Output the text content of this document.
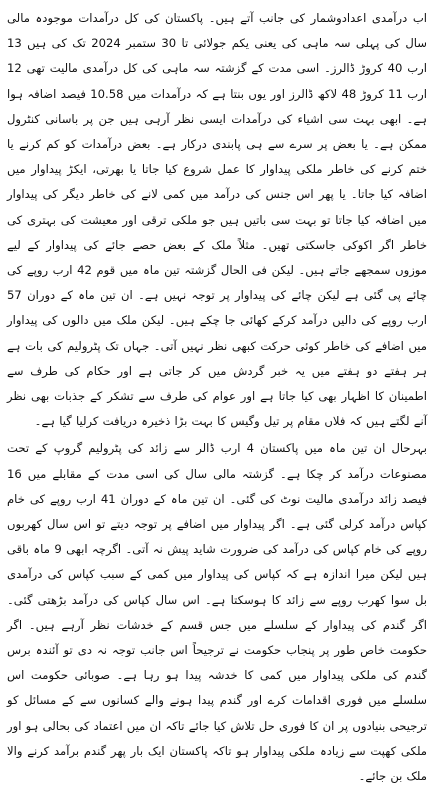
اب درآمدی اعدادوشمار کی جانب آتے ہیں۔ پاکستان کی کل درآمدات موجودہ مالی سال کی پہلی سہ ماہی کی یعنی یکم جولائی تا 30 ستمبر 2024 تک کی ہیں 13 ارب 40 کروڑ ڈالرز۔ اسی مدت کے گزشتہ سہ ماہی کی کل درآمدی مالیت تھی 12 ارب 11 کروڑ 48 لاکھ ڈالرز اور یوں بنتا ہے کہ درآمدات میں 10.58 فیصد اضافہ ہوا ہے۔ ابھی بہت سی اشیاء کی درآمدات ایسی نظر آرہی ہیں جن پر باسانی کنٹرول ممکن ہے۔ یا بعض پر سرے سے ہی پابندی درکار ہے۔ بعض درآمدات کو کم کرنے یا ختم کرنے کی خاطر ملکی پیداوار کا عمل شروع کیا جاتا یا بھرتی، ایکڑ پیداوار میں اضافہ کیا جاتا۔ یا پھر اس جنس کی درآمد میں کمی لانے کی خاطر دیگر کی پیداوار میں اضافہ کیا جاتا تو بہت سی باتیں ہیں جو ملکی ترقی اور معیشت کی بہتری کی خاطر اگر اکوکی جاسکتی تھیں۔ مثلاً ملک کے بعض حصے جائے کی پیداوار کے لیے موزوں سمجھے جاتے ہیں۔ لیکن فی الحال گزشتہ تین ماہ میں قوم 42 ارب روپے کی چائے پی گئی ہے لیکن چائے کی پیداوار پر توجہ نہیں ہے۔ ان تین ماہ کے دوران 57 ارب روپے کی دالیں درآمد کرکے کھائی جا چکے ہیں۔ لیکن ملک میں دالوں کی پیداوار میں اضافے کی خاطر کوئی حرکت کبھی نظر نہیں آتی۔ جہاں تک پٹرولیم کی بات ہے ہر ہفتے دو ہفتے میں یہ خبر گردش میں کر جاتی ہے اور حکام کی طرف سے اطمینان کا اظہار بھی کیا جاتا ہے اور عوام کی طرف سے تشکر کے جذبات بھی نظر آنے لگتے ہیں کہ فلاں مقام پر تیل وگیس کا بہت بڑا ذخیرہ دریافت کرلیا گیا ہے۔

بہرحال ان تین ماہ میں پاکستان 4 ارب ڈالر سے زائد کی پٹرولیم گروپ کے تحت مصنوعات درآمد کر چکا ہے۔ گزشتہ مالی سال کی اسی مدت کے مقابلے میں 16 فیصد زائد درآمدی مالیت نوٹ کی گئی۔ ان تین ماہ کے دوران 41 ارب روپے کی خام کپاس درآمد کرلی گئی ہے۔ اگر پیداوار میں اضافے پر توجہ دیتے تو اس سال کھربوں روپے کی خام کپاس کی درآمد کی ضرورت شاید پیش نہ آتی۔ اگرچہ ابھی 9 ماہ باقی ہیں لیکن میرا اندازہ ہے کہ کپاس کی پیداوار میں کمی کے سبب کپاس کی درآمدی بل سوا کھرب روپے سے زائد کا ہوسکتا ہے۔ اس سال کپاس کی درآمد بڑھتی گئی۔ اگر گندم کی پیداوار کے سلسلے میں جس قسم کے خدشات نظر آرہے ہیں۔ اگر حکومت خاص طور پر پنجاب حکومت نے ترجیحاً اس جانب توجہ نہ دی تو آئندہ برس گندم کی ملکی پیداوار میں کمی کا خدشہ پیدا ہو رہا ہے۔ صوبائی حکومت اس سلسلے میں فوری اقدامات کرے اور گندم پیدا ہونے والے کسانوں سے کے مسائل کو ترجیحی بنیادوں پر ان کا فوری حل تلاش کیا جائے تاکہ ان میں اعتماد کی بحالی ہو اور ملکی کھپت سے زیادہ ملکی پیداوار ہو تاکہ پاکستان ایک بار پھر گندم برآمد کرنے والا ملک بن جائے۔
